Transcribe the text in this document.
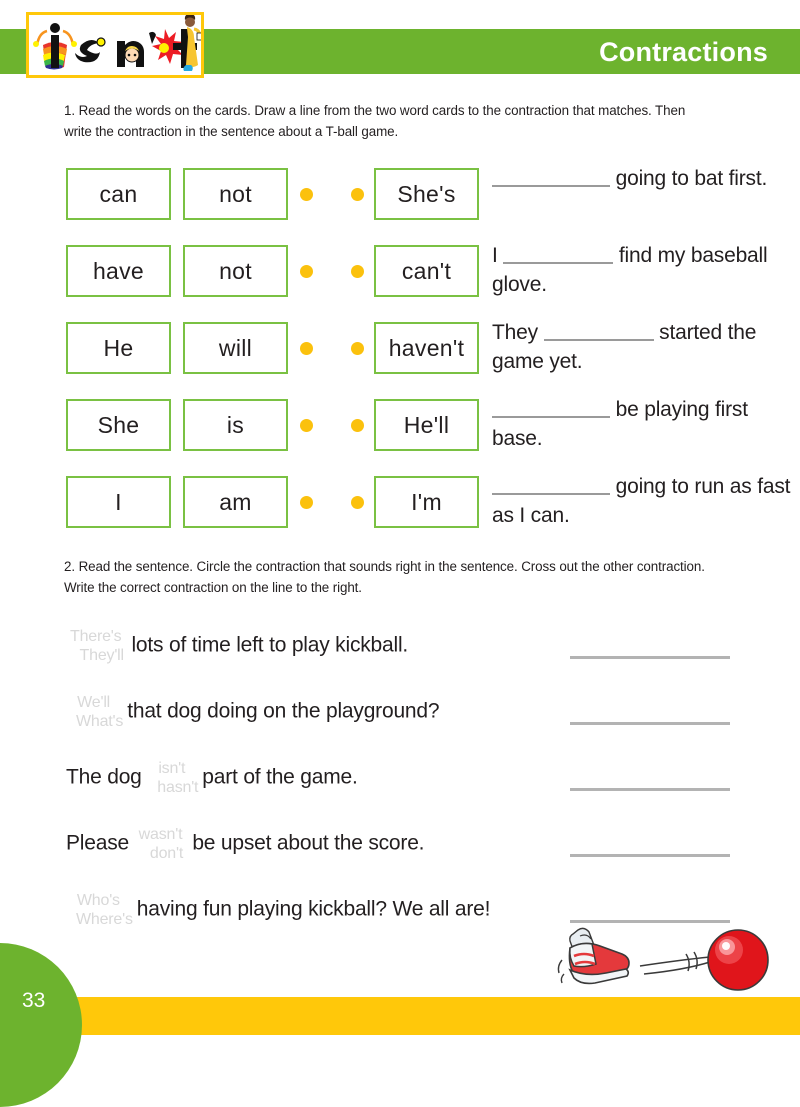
Contractions
1. Read the words on the cards. Draw a line from the two word cards to the contraction that matches. Then write the contraction in the sentence about a T-ball game.
can	not	She's
going to bat first.
have	not	can't
I	find my baseball glove.
He	will	haven't
They	started the game yet.
She	is	He'll
be playing first base.
I	am	I'm
going to run as fast as I can.
2. Read the sentence. Circle the contraction that sounds right in the sentence. Cross out the other contraction. Write the correct contraction on the line to the right.
There's
They'll lots of time left to play kickball.
We'll
What's that dog doing on the playground?
The dog isn't
hasn't part of the game.
Please wasn't
don't be upset about the score.
Who's
Where's having fun playing kickball? We all are!
33
